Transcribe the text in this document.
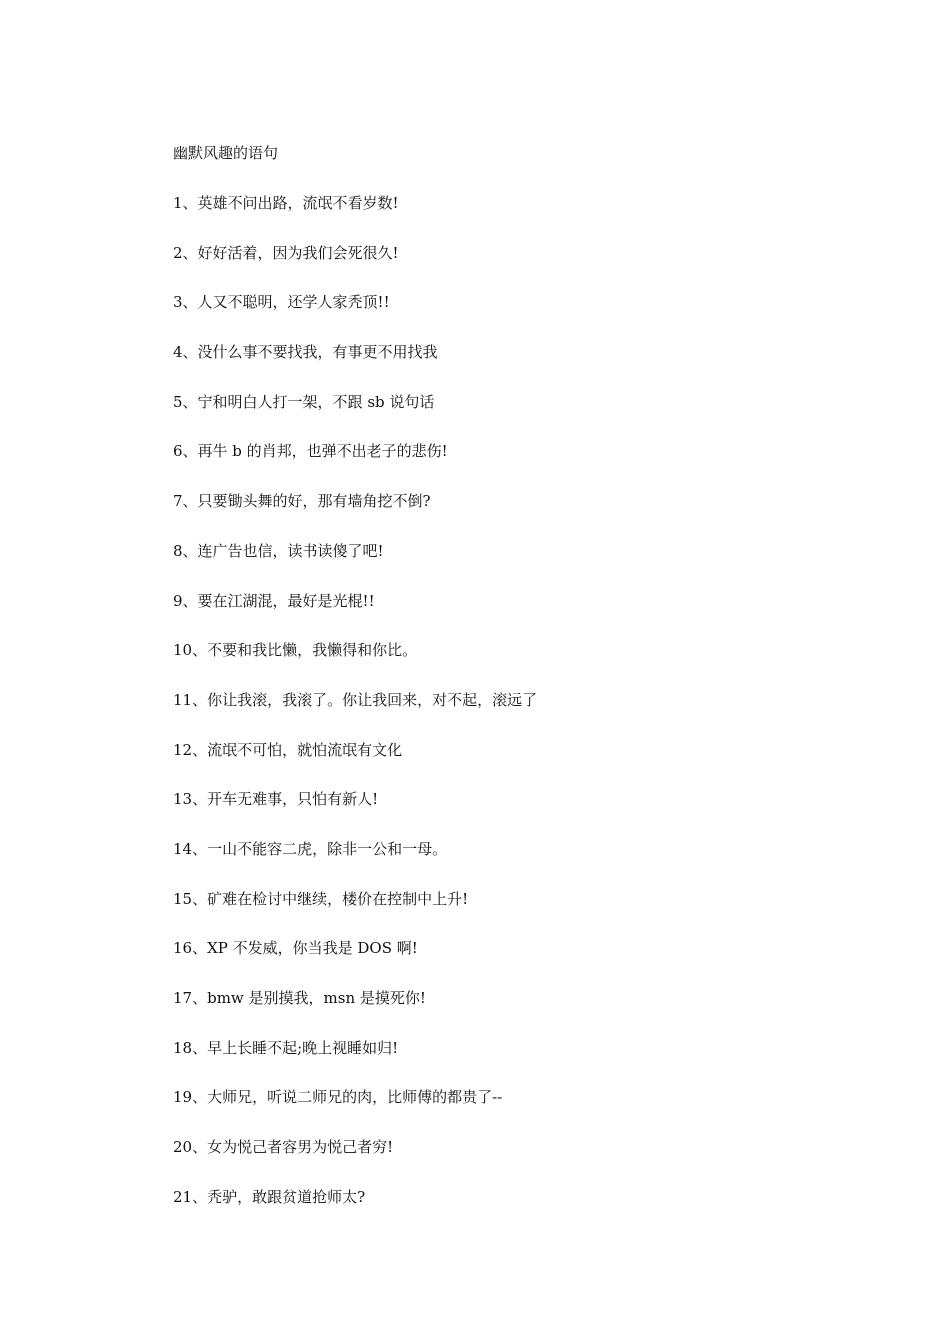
幽默风趣的语句
1、英雄不问出路，流氓不看岁数!
2、好好活着，因为我们会死很久!
3、人又不聪明，还学人家秃顶!!
4、没什么事不要找我，有事更不用找我
5、宁和明白人打一架，不跟 sb 说句话
6、再牛 b 的肖邦，也弹不出老子的悲伤!
7、只要锄头舞的好，那有墙角挖不倒?
8、连广告也信，读书读傻了吧!
9、要在江湖混，最好是光棍!!
10、不要和我比懒，我懒得和你比。
11、你让我滚，我滚了。你让我回来，对不起，滚远了
12、流氓不可怕，就怕流氓有文化
13、开车无难事，只怕有新人!
14、一山不能容二虎，除非一公和一母。
15、矿难在检讨中继续，楼价在控制中上升!
16、XP 不发威，你当我是 DOS 啊!
17、bmw 是别摸我，msn 是摸死你!
18、早上长睡不起;晚上视睡如归!
19、大师兄，听说二师兄的肉，比师傅的都贵了--
20、女为悦己者容男为悦己者穷!
21、秃驴，敢跟贫道抢师太?
